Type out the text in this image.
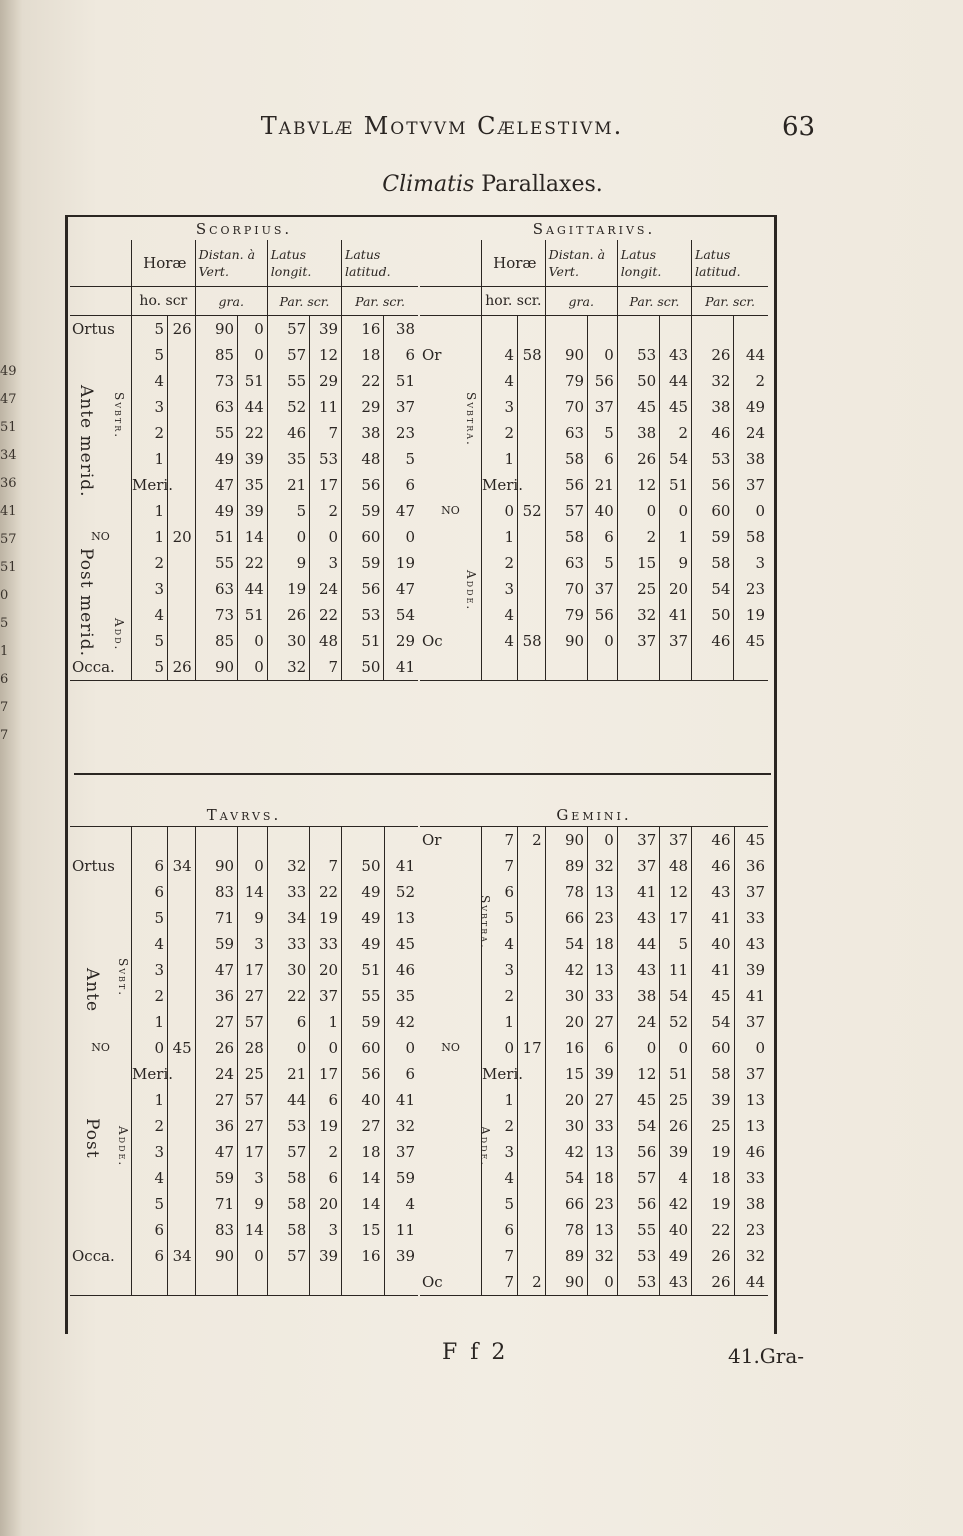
49
47
51
34
36
41
57
51
0
5
1
6
7
7
Tabvlæ Motvvm Cælestivm.	63
Climatis Parallaxes.
Scorpius.
	Horæ		Distan. à Vert.		Latus longit.		Latus latitud.	
	ho. scr		gra.		Par. scr.		Par. scr.	
Ortus	5	26	90	0	57	39	16	38
	5		85	0	57	12	18	6
	4		73	51	55	29	22	51
	3		63	44	52	11	29	37
	2		55	22	46	7	38	23
	1		49	39	35	53	48	5
	Meri.		47	35	21	17	56	6
	1		49	39	5	2	59	47
NO	1	20	51	14	0	0	60	0
	2		55	22	9	3	59	19
	3		63	44	19	24	56	47
	4		73	51	26	22	53	54
	5		85	0	30	48	51	29
Occa.	5	26	90	0	32	7	50	41
Sagittarivs.
	Horæ		Distan. à Vert.		Latus longit.		Latus latitud.	
	hor. scr.		gra.		Par. scr.		Par. scr.	

Or	4	58	90	0	53	43	26	44
	4		79	56	50	44	32	2
	3		70	37	45	45	38	49
	2		63	5	38	2	46	24
	1		58	6	26	54	53	38
	Meri.		56	21	12	51	56	37
NO	0	52	57	40	0	0	60	0
	1		58	6	2	1	59	58
	2		63	5	15	9	58	3
	3		70	37	25	20	54	23
	4		79	56	32	41	50	19
Oc	4	58	90	0	37	37	46	45

Tavrvs.

Ortus	6	34	90	0	32	7	50	41
	6		83	14	33	22	49	52
	5		71	9	34	19	49	13
	4		59	3	33	33	49	45
	3		47	17	30	20	51	46
	2		36	27	22	37	55	35
	1		27	57	6	1	59	42
NO	0	45	26	28	0	0	60	0
	Meri.		24	25	21	17	56	6
	1		27	57	44	6	40	41
	2		36	27	53	19	27	32
	3		47	17	57	2	18	37
	4		59	3	58	6	14	59
	5		71	9	58	20	14	4
	6		83	14	58	3	15	11
Occa.	6	34	90	0	57	39	16	39

Gemini.
Or	7	2	90	0	37	37	46	45
	7		89	32	37	48	46	36
	6		78	13	41	12	43	37
	5		66	23	43	17	41	33
	4		54	18	44	5	40	43
	3		42	13	43	11	41	39
	2		30	33	38	54	45	41
	1		20	27	24	52	54	37
NO	0	17	16	6	0	0	60	0
	Meri.		15	39	12	51	58	37
	1		20	27	45	25	39	13
	2		30	33	54	26	25	13
	3		42	13	56	39	19	46
	4		54	18	57	4	18	33
	5		66	23	56	42	19	38
	6		78	13	55	40	22	23
	7		89	32	53	49	26	32
Oc	7	2	90	0	53	43	26	44
Ante merid.
Post merid.
Svbtr.
Add.
Svbtra.
Adde.
Ante
Post
Svbt.
Adde.
Svbtra.
Adde.
F f 2	41.Gra-
